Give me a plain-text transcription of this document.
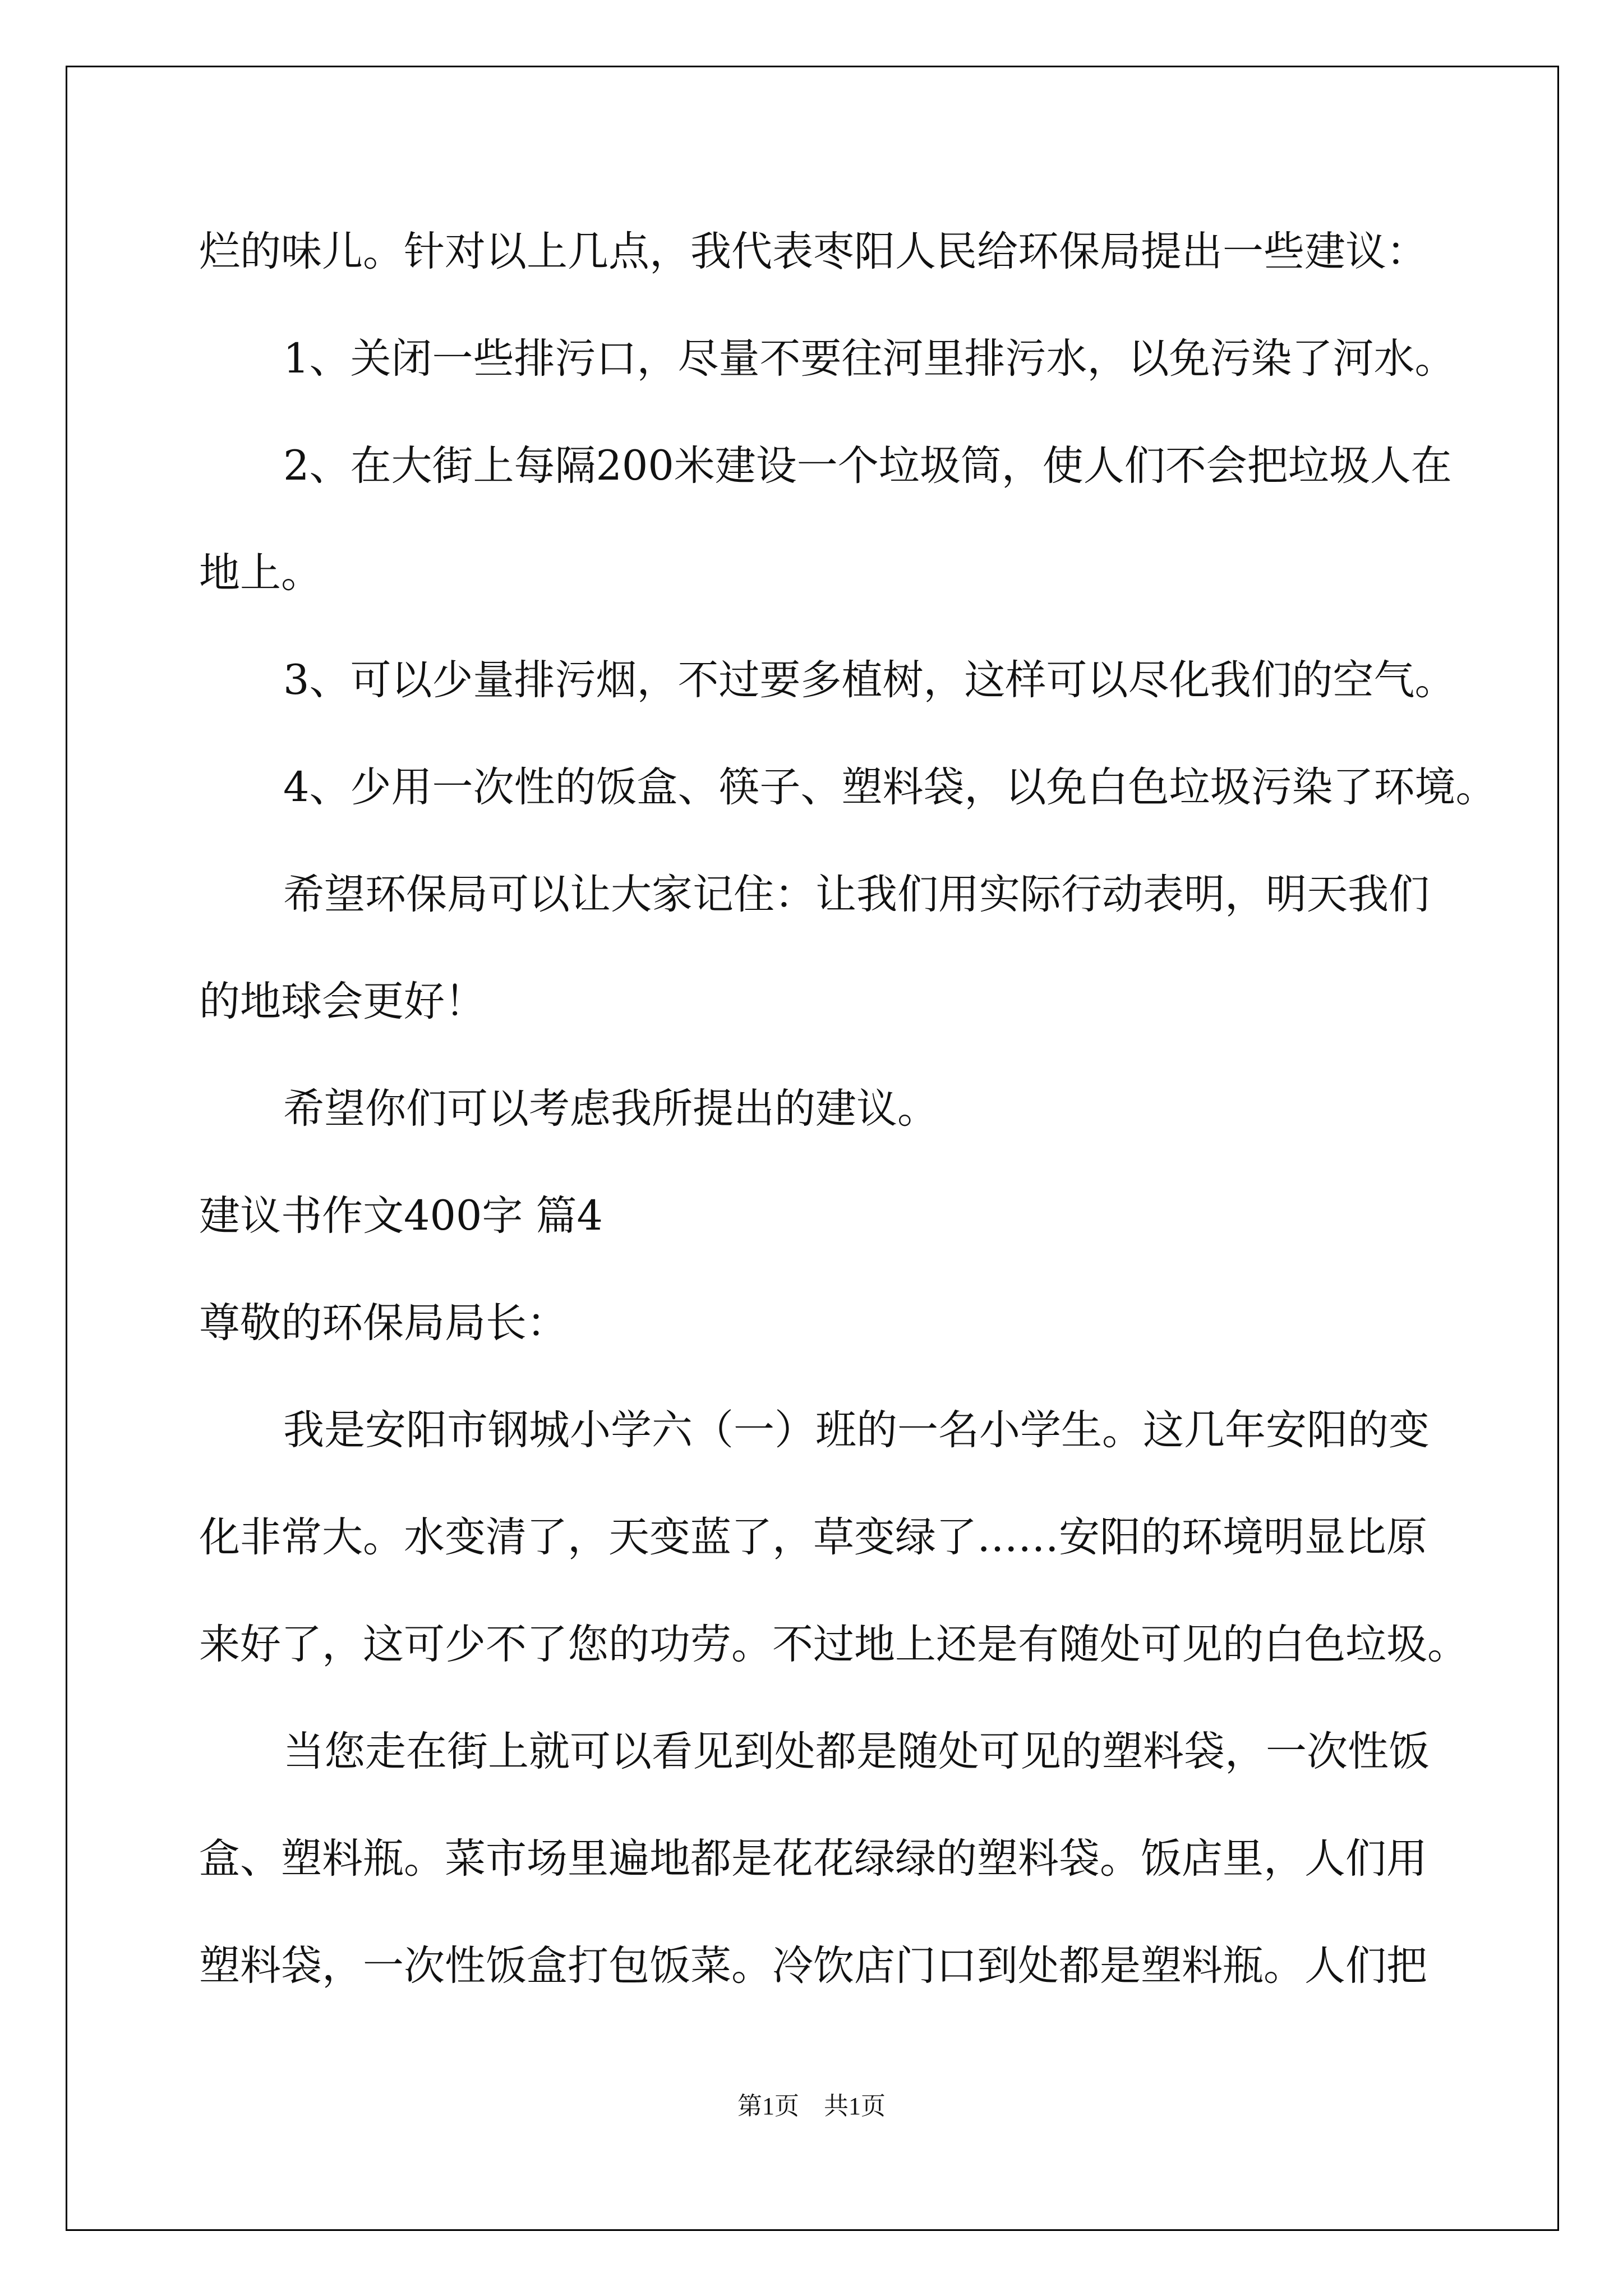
烂的味儿。针对以上几点，我代表枣阳人民给环保局提出一些建议：

1、关闭一些排污口，尽量不要往河里排污水，以免污染了河水。

2、在大街上每隔200米建设一个垃圾筒，使人们不会把垃圾人在

地上。

3、可以少量排污烟，不过要多植树，这样可以尽化我们的空气。

4、少用一次性的饭盒、筷子、塑料袋，以免白色垃圾污染了环境。

希望环保局可以让大家记住：让我们用实际行动表明，明天我们

的地球会更好！

希望你们可以考虑我所提出的建议。

建议书作文400字 篇4

尊敬的环保局局长：

我是安阳市钢城小学六（一）班的一名小学生。这几年安阳的变

化非常大。水变清了，天变蓝了，草变绿了……安阳的环境明显比原

来好了，这可少不了您的功劳。不过地上还是有随处可见的白色垃圾。

当您走在街上就可以看见到处都是随处可见的塑料袋，一次性饭

盒、塑料瓶。菜市场里遍地都是花花绿绿的塑料袋。饭店里，人们用

塑料袋，一次性饭盒打包饭菜。冷饮店门口到处都是塑料瓶。人们把

第1页　共1页
